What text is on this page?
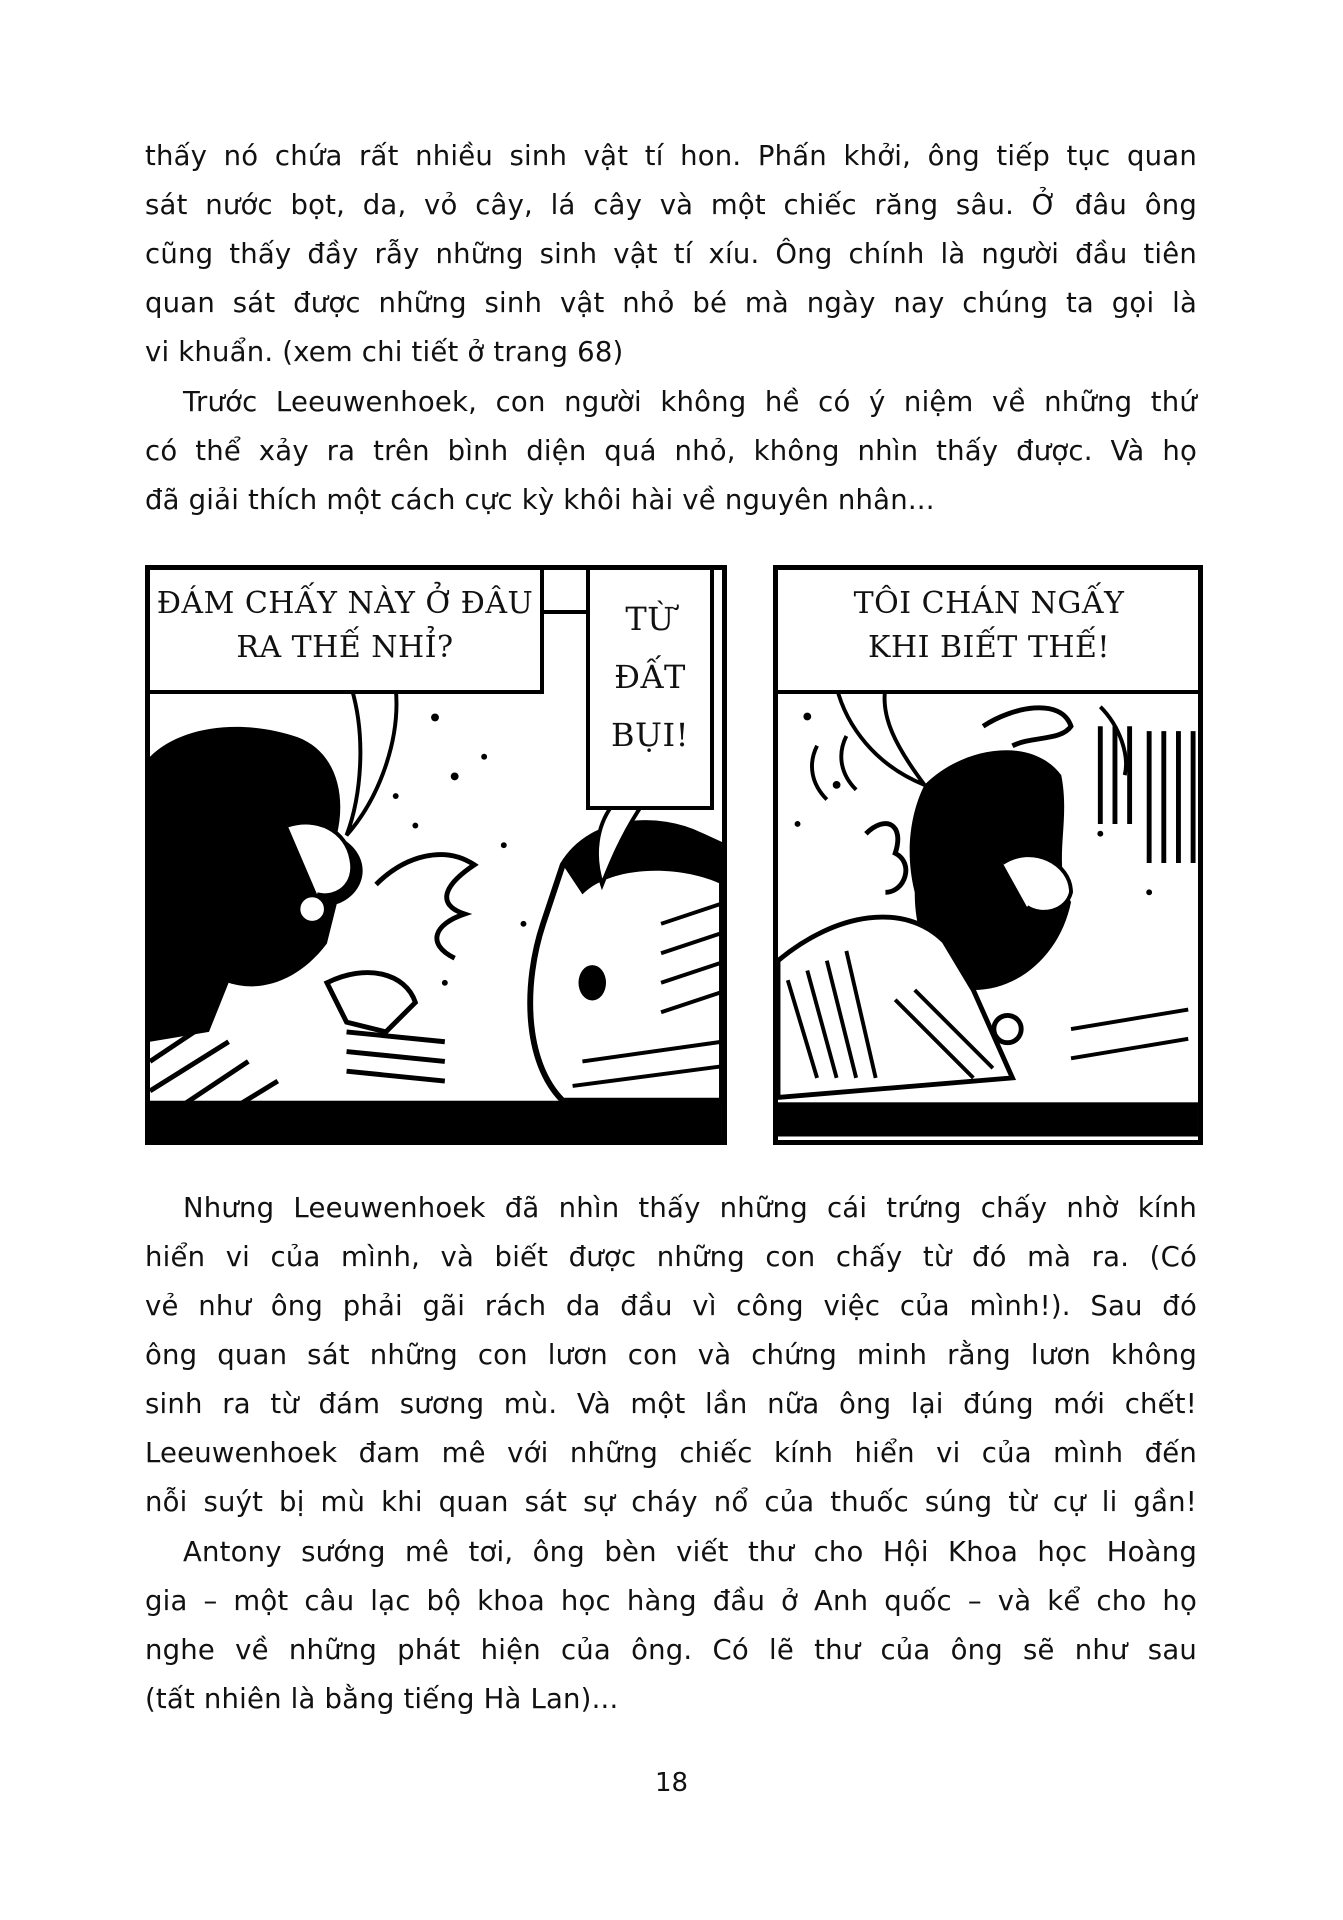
thấy nó chứa rất nhiều sinh vật tí hon. Phấn khởi, ông tiếp tục quan
sát nước bọt, da, vỏ cây, lá cây và một chiếc răng sâu. Ở đâu ông
cũng thấy đầy rẫy những sinh vật tí xíu. Ông chính là người đầu tiên
quan sát được những sinh vật nhỏ bé mà ngày nay chúng ta gọi là
vi khuẩn. (xem chi tiết ở trang 68)
Trước Leeuwenhoek, con người không hề có ý niệm về những thứ
có thể xảy ra trên bình diện quá nhỏ, không nhìn thấy được. Và họ
đã giải thích một cách cực kỳ khôi hài về nguyên nhân...
ĐÁM CHẤY NÀY Ở ĐÂU
RA THẾ NHỈ?
TỪ
ĐẤT
BỤI!
TÔI CHÁN NGẤY
KHI BIẾT THẾ!
Nhưng Leeuwenhoek đã nhìn thấy những cái trứng chấy nhờ kính
hiển vi của mình, và biết được những con chấy từ đó mà ra. (Có
vẻ như ông phải gãi rách da đầu vì công việc của mình!). Sau đó
ông quan sát những con lươn con và chứng minh rằng lươn không
sinh ra từ đám sương mù. Và một lần nữa ông lại đúng mới chết!
Leeuwenhoek đam mê với những chiếc kính hiển vi của mình đến
nỗi suýt bị mù khi quan sát sự cháy nổ của thuốc súng từ cự li gần!
Antony sướng mê tơi, ông bèn viết thư cho Hội Khoa học Hoàng
gia – một câu lạc bộ khoa học hàng đầu ở Anh quốc – và kể cho họ
nghe về những phát hiện của ông. Có lẽ thư của ông sẽ như sau
(tất nhiên là bằng tiếng Hà Lan)...
18
